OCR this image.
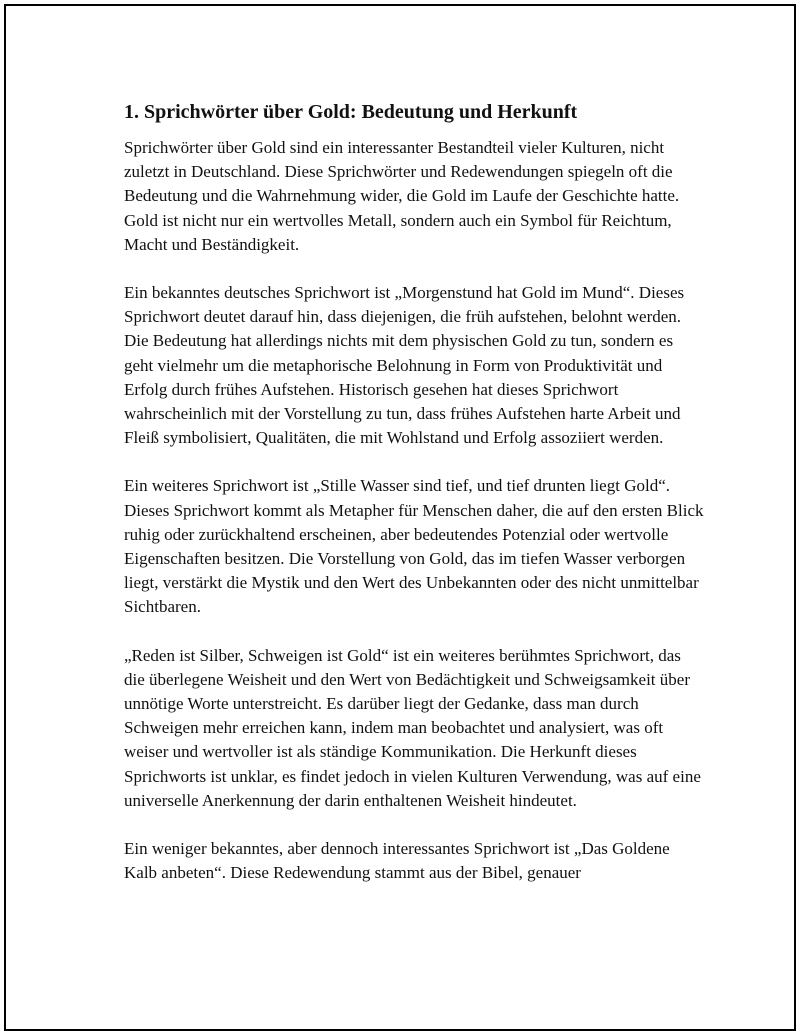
1. Sprichwörter über Gold: Bedeutung und Herkunft

Sprichwörter über Gold sind ein interessanter Bestandteil vieler Kulturen, nicht zuletzt in Deutschland. Diese Sprichwörter und Redewendungen spiegeln oft die Bedeutung und die Wahrnehmung wider, die Gold im Laufe der Geschichte hatte. Gold ist nicht nur ein wertvolles Metall, sondern auch ein Symbol für Reichtum, Macht und Beständigkeit.

Ein bekanntes deutsches Sprichwort ist „Morgenstund hat Gold im Mund“. Dieses Sprichwort deutet darauf hin, dass diejenigen, die früh aufstehen, belohnt werden. Die Bedeutung hat allerdings nichts mit dem physischen Gold zu tun, sondern es geht vielmehr um die metaphorische Belohnung in Form von Produktivität und Erfolg durch frühes Aufstehen. Historisch gesehen hat dieses Sprichwort wahrscheinlich mit der Vorstellung zu tun, dass frühes Aufstehen harte Arbeit und Fleiß symbolisiert, Qualitäten, die mit Wohlstand und Erfolg assoziiert werden.

Ein weiteres Sprichwort ist „Stille Wasser sind tief, und tief drunten liegt Gold“. Dieses Sprichwort kommt als Metapher für Menschen daher, die auf den ersten Blick ruhig oder zurückhaltend erscheinen, aber bedeutendes Potenzial oder wertvolle Eigenschaften besitzen. Die Vorstellung von Gold, das im tiefen Wasser verborgen liegt, verstärkt die Mystik und den Wert des Unbekannten oder des nicht unmittelbar Sichtbaren.

„Reden ist Silber, Schweigen ist Gold“ ist ein weiteres berühmtes Sprichwort, das die überlegene Weisheit und den Wert von Bedächtigkeit und Schweigsamkeit über unnötige Worte unterstreicht. Es darüber liegt der Gedanke, dass man durch Schweigen mehr erreichen kann, indem man beobachtet und analysiert, was oft weiser und wertvoller ist als ständige Kommunikation. Die Herkunft dieses Sprichworts ist unklar, es findet jedoch in vielen Kulturen Verwendung, was auf eine universelle Anerkennung der darin enthaltenen Weisheit hindeutet.

Ein weniger bekanntes, aber dennoch interessantes Sprichwort ist „Das Goldene Kalb anbeten“. Diese Redewendung stammt aus der Bibel, genauer
